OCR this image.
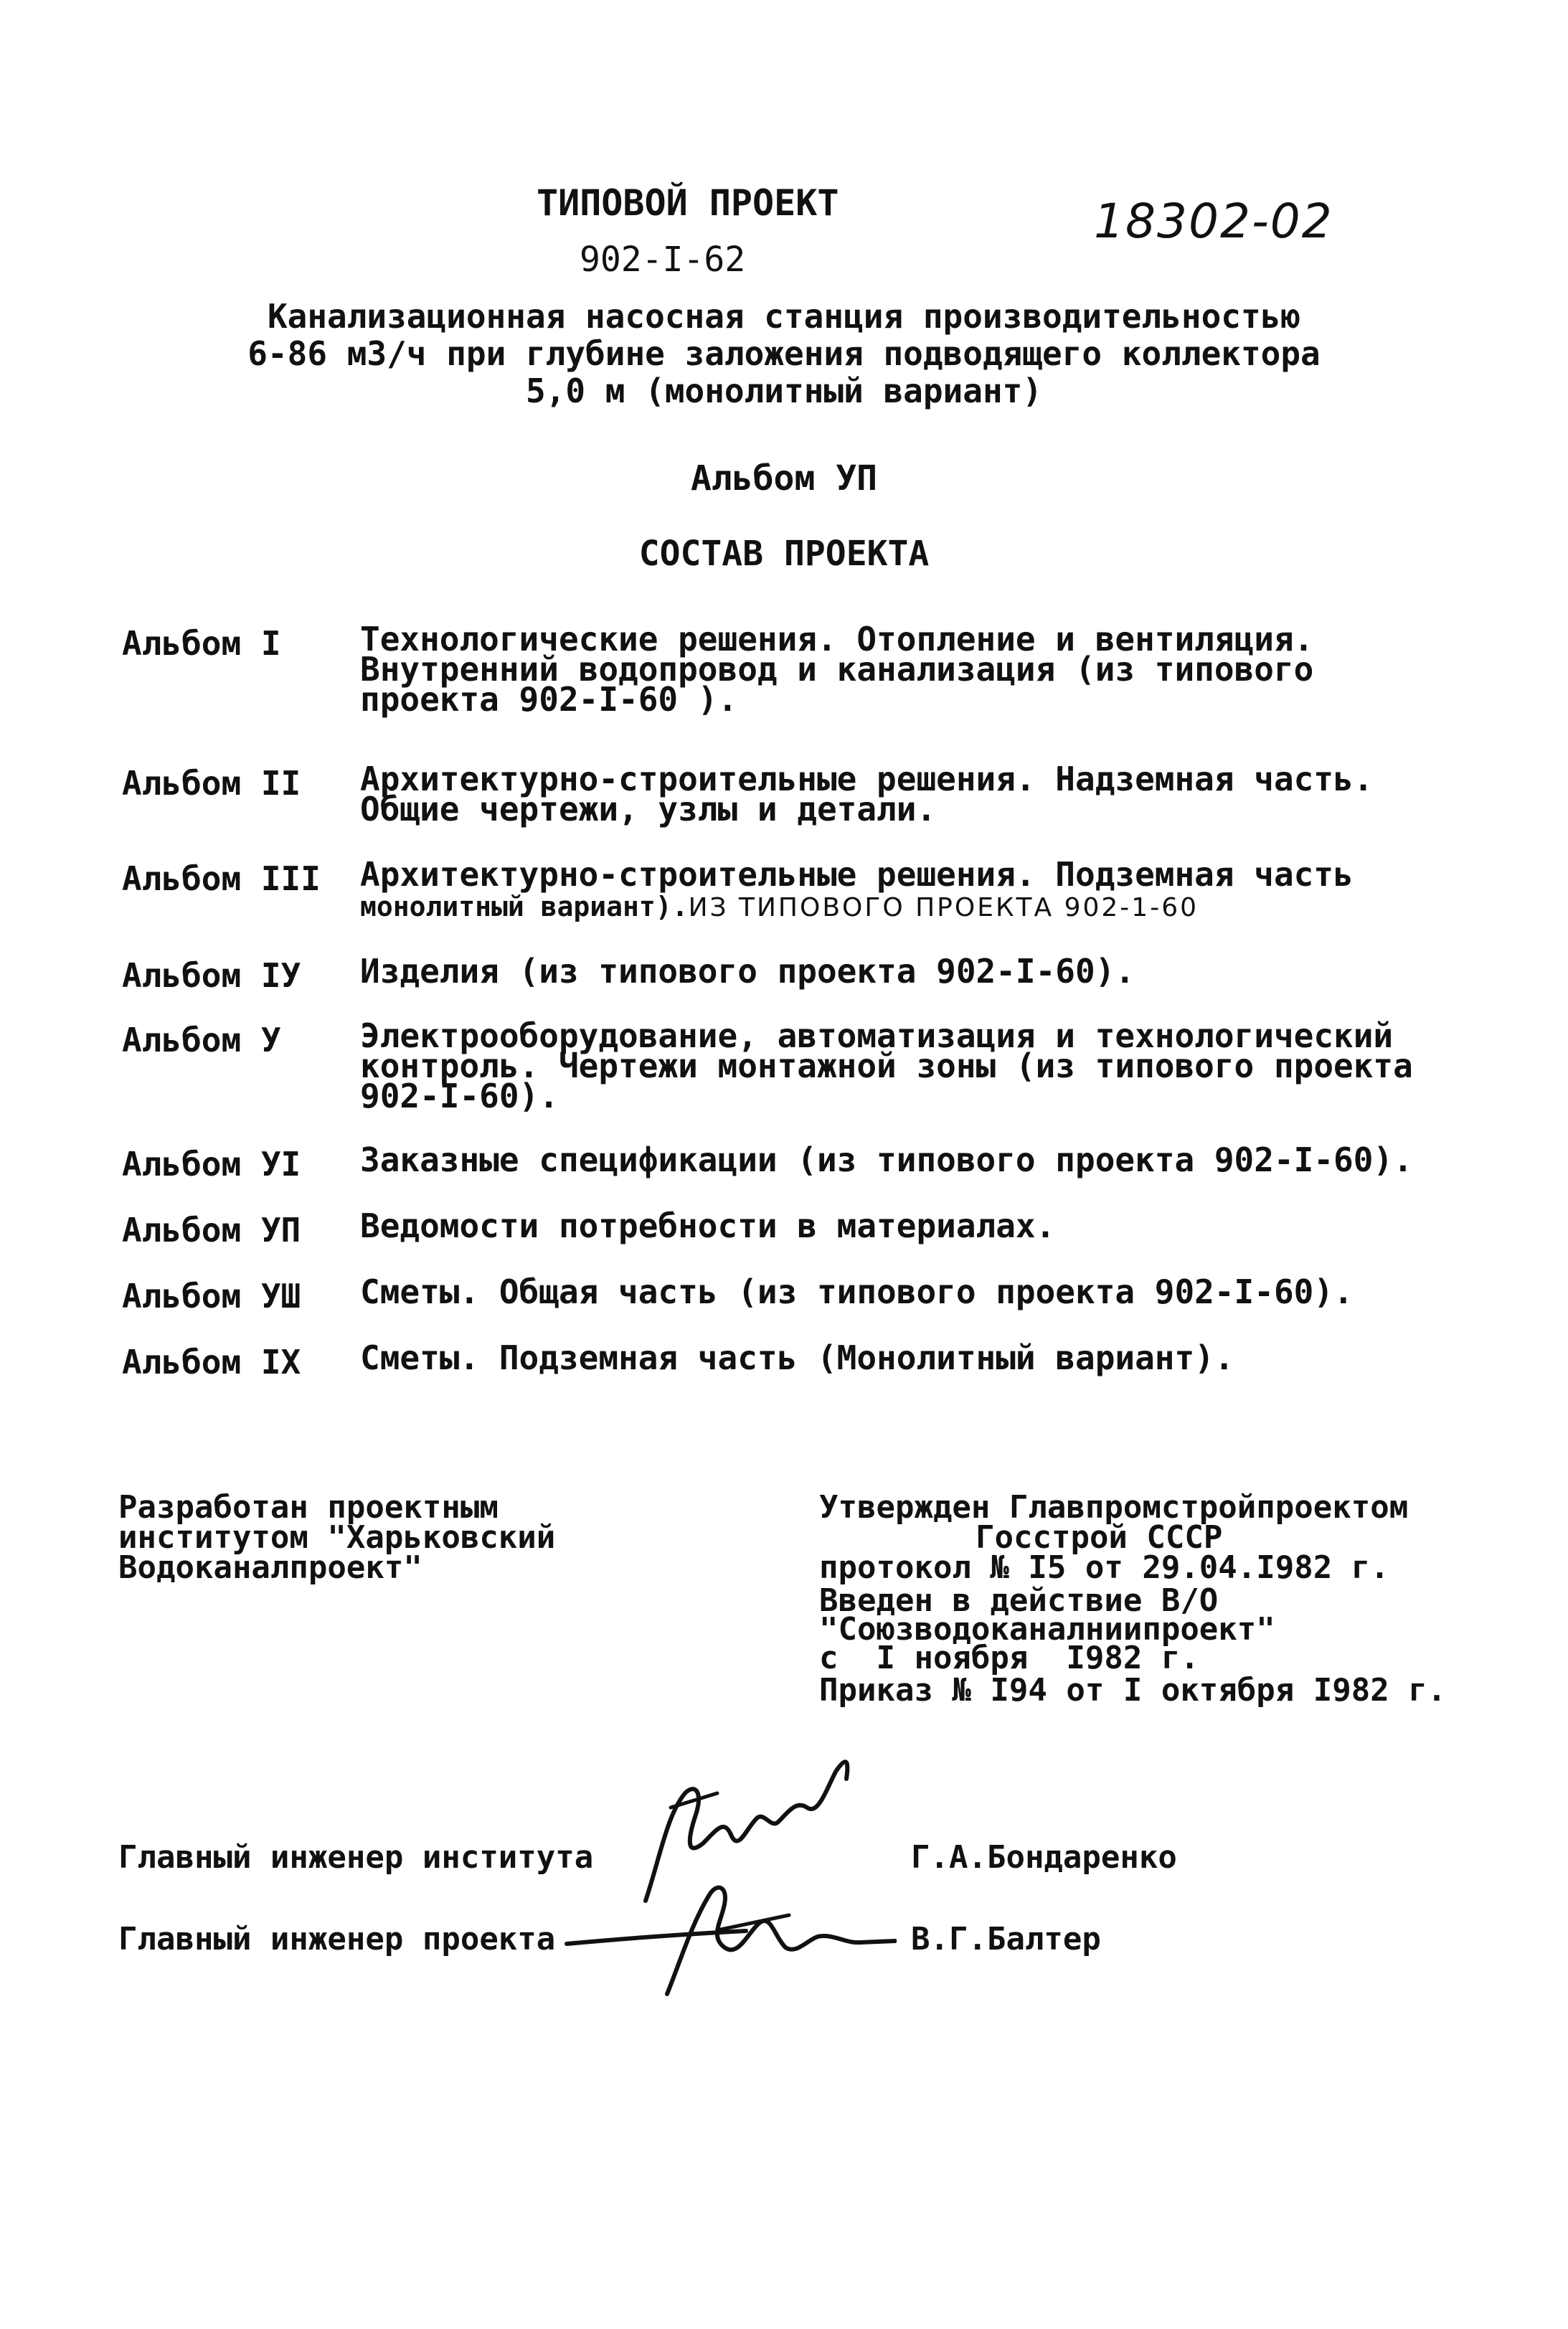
ТИПОВОЙ ПРОЕКТ
902-I-62
18302-02
Канализационная насосная станция производительностью
6-86 м3/ч при глубине заложения подводящего коллектора
5,0 м (монолитный вариант)
Альбом УП
СОСТАВ ПРОЕКТА
Альбом I Технологические решения. Отопление и вентиляция.
Внутренний водопровод и канализация (из типового
проекта 902-I-60 ).
Альбом II Архитектурно-строительные решения. Надземная часть.
Общие чертежи, узлы и детали.
Альбом III Архитектурно-строительные решения. Подземная часть
монолитный вариант).ИЗ ТИПОВОГО ПРОЕКТА 902-1-60
Альбом IУ Изделия (из типового проекта 902-I-60).
Альбом У Электрооборудование, автоматизация и технологический
контроль. Чертежи монтажной зоны (из типового проекта
902-I-60).
Альбом УI Заказные спецификации (из типового проекта 902-I-60).
Альбом УП Ведомости потребности в материалах.
Альбом УШ Сметы. Общая часть (из типового проекта 902-I-60).
Альбом IX Сметы. Подземная часть (Монолитный вариант).
Разработан проектным
институтом "Харьковский
Водоканалпроект"
Утвержден Главпромстройпроектом
Госстрой СССР
протокол № I5 от 29.04.I982 г.
Введен в действие В/О
"Союзводоканалниипроект"
с  I ноября  I982 г.
Приказ № I94 от I октября I982 г.
Главный инженер института	Г.А.Бондаренко
Главный инженер проекта	В.Г.Балтер
